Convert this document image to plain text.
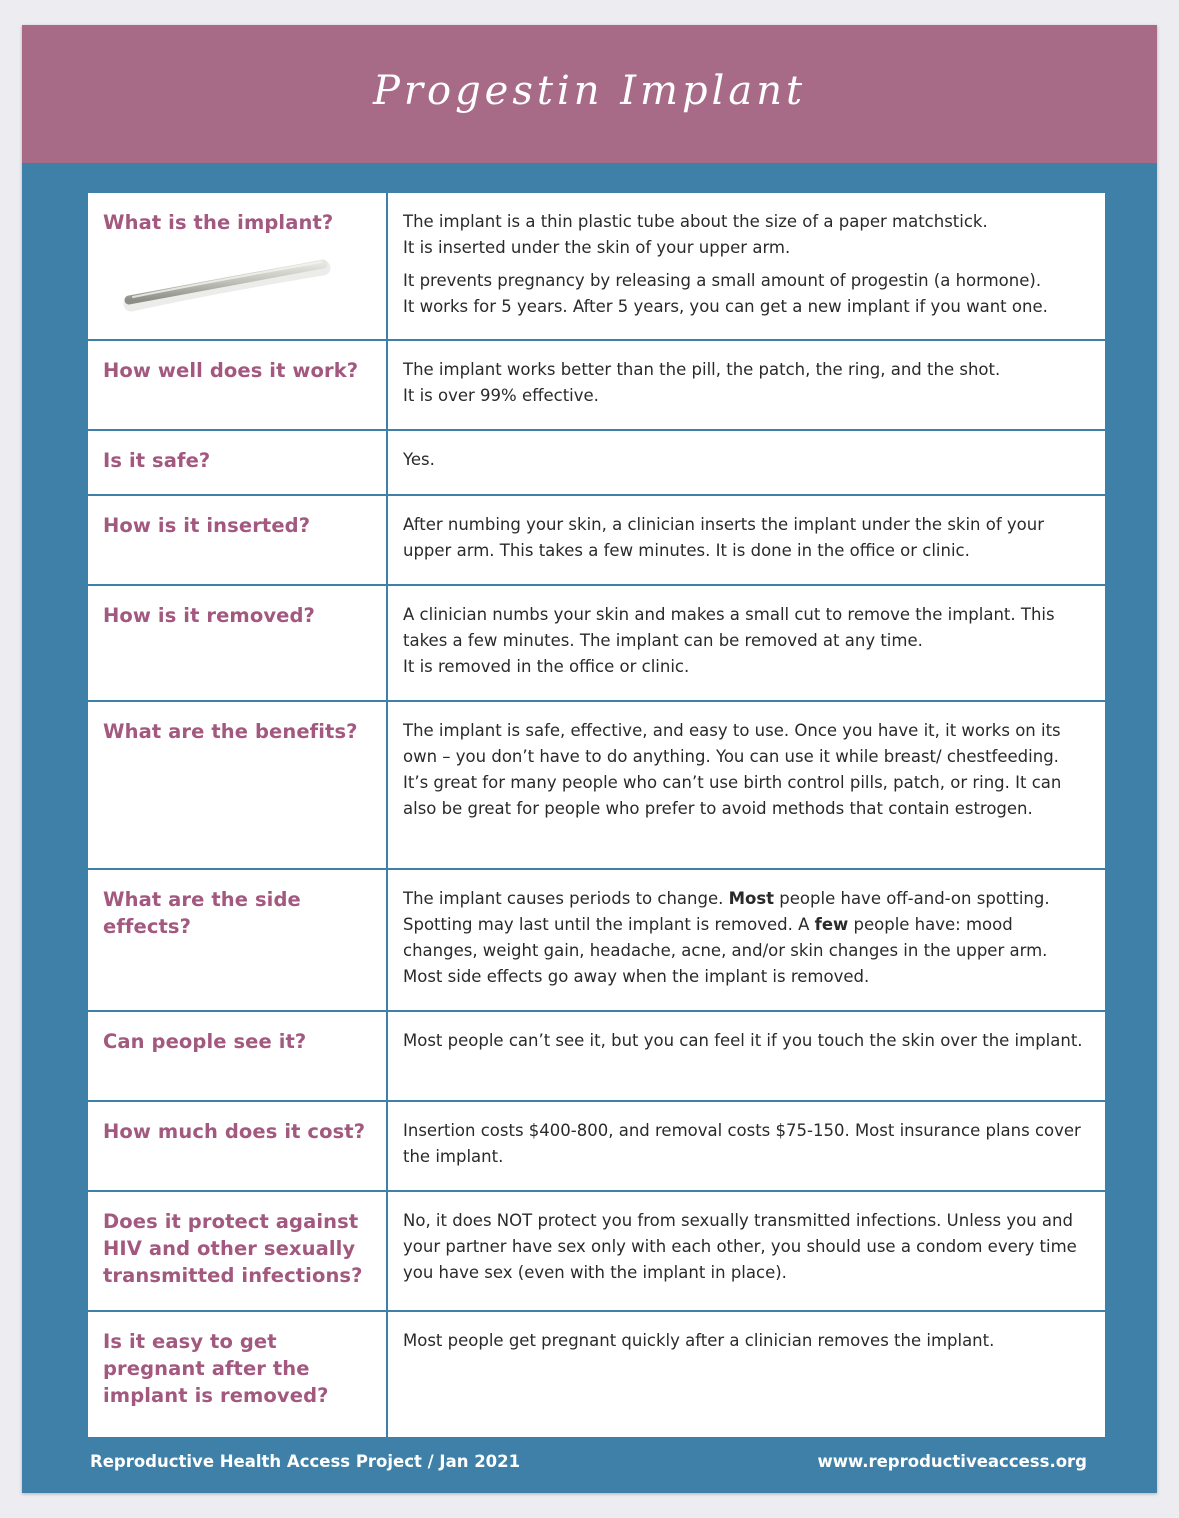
Progestin Implant
What is the implant?	The implant is a thin plastic tube about the size of a paper matchstick.

It is inserted under the skin of your upper arm.

It prevents pregnancy by releasing a small amount of progestin (a hormone).

It works for 5 years. After 5 years, you can get a new implant if you want one.

How well does it work?	The implant works better than the pill, the patch, the ring, and the shot.

It is over 99% effective.

Is it safe?	Yes.

How is it inserted?	After numbing your skin, a clinician inserts the implant under the skin of your upper arm. This takes a few minutes. It is done in the office or clinic.

How is it removed?	A clinician numbs your skin and makes a small cut to remove the implant. This takes a few minutes. The implant can be removed at any time.

It is removed in the office or clinic.

What are the benefits?	The implant is safe, effective, and easy to use. Once you have it, it works on its own – you don’t have to do anything. You can use it while breast/ chestfeeding.

It’s great for many people who can’t use birth control pills, patch, or ring. It can also be great for people who prefer to avoid methods that contain estrogen.

What are the side effects?	The implant causes periods to change. Most people have off-and-on spotting. Spotting may last until the implant is removed. A few people have: mood changes, weight gain, headache, acne, and/or skin changes in the upper arm. Most side effects go away when the implant is removed.

Can people see it?	Most people can’t see it, but you can feel it if you touch the skin over the implant.

How much does it cost?	Insertion costs $400-800, and removal costs $75-150. Most insurance plans cover the implant.

Does it protect against HIV and other sexually transmitted infections?	No, it does NOT protect you from sexually transmitted infections. Unless you and your partner have sex only with each other, you should use a condom every time you have sex (even with the implant in place).

Is it easy to get pregnant after the implant is removed?	Most people get pregnant quickly after a clinician removes the implant.

Reproductive Health Access Project / Jan 2021	www.reproductiveaccess.org
